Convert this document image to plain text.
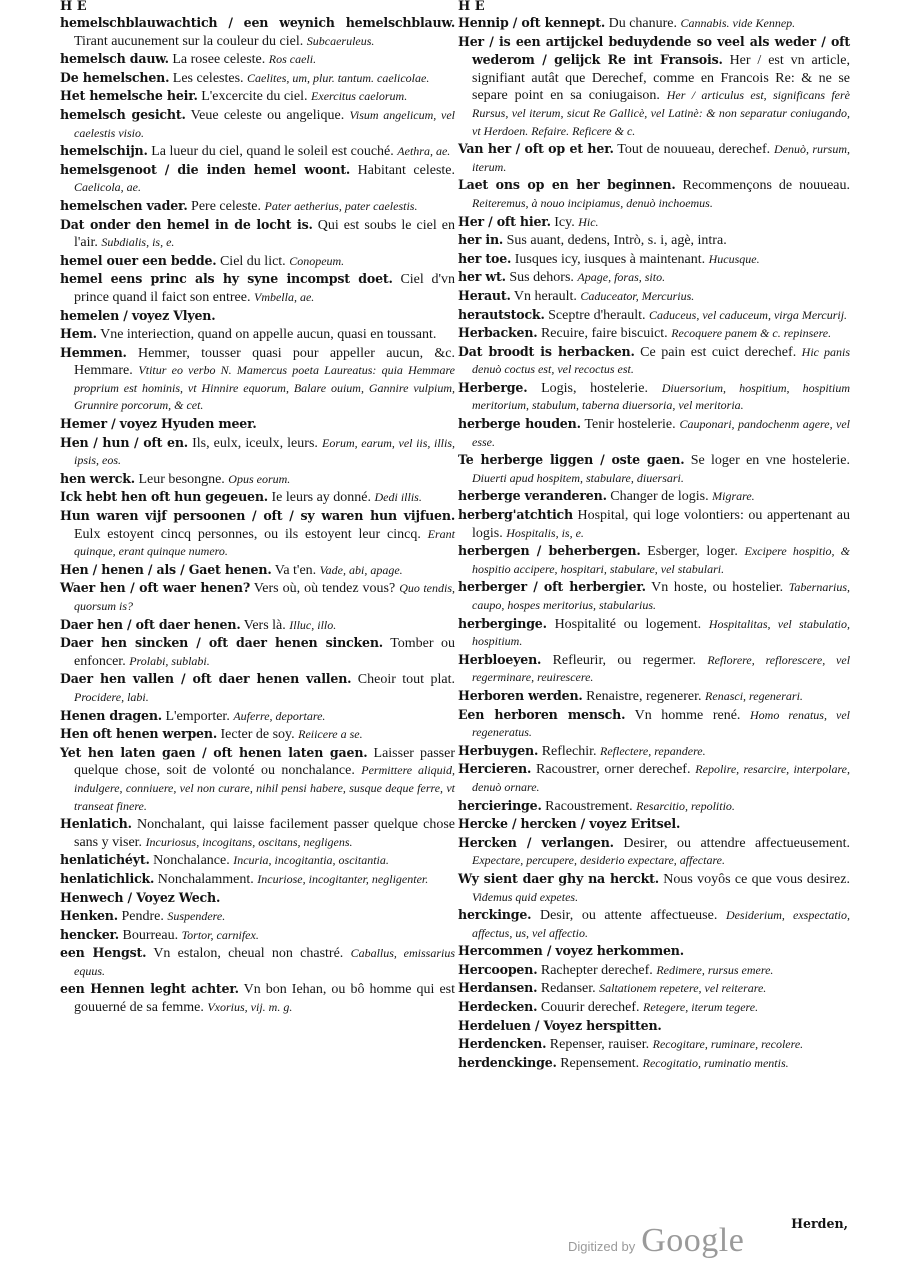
H E	H E

hemelschblauwachtich / een weynich hemelschblauw. Tirant aucunement sur la couleur du ciel. Subcaeruleus.

hemelsch dauw. La rosee celeste. Ros caeli.

De hemelschen. Les celestes. Caelites, um, plur. tantum. caelicolae.

Het hemelsche heir. L'excercite du ciel. Exercitus caelorum.

hemelsch gesicht. Veue celeste ou angelique. Visum angelicum, vel caelestis visio.

hemelschijn. La lueur du ciel, quand le soleil est couché. Aethra, ae.

hemelsgenoot / die inden hemel woont. Habitant celeste. Caelicola, ae.

hemelschen vader. Pere celeste. Pater aetherius, pater caelestis.

Dat onder den hemel in de locht is. Qui est soubs le ciel en l'air. Subdialis, is, e.

hemel ouer een bedde. Ciel du lict. Conopeum.

hemel eens princ als hy syne incompst doet. Ciel d'vn prince quand il faict son entree. Vmbella, ae.

hemelen / voyez Vlyen.

Hem. Vne interiection, quand on appelle aucun, quasi en toussant.

Hemmen. Hemmer, tousser quasi pour appeller aucun, &c. Hemmare. Vtitur eo verbo N. Mamercus poeta Laureatus: quia Hemmare proprium est hominis, vt Hinnire equorum, Balare ouium, Gannire vulpium, Grunnire porcorum, & cet.

Hemer / voyez Hyuden meer.

Hen / hun / oft en. Ils, eulx, iceulx, leurs. Eorum, earum, vel iis, illis, ipsis, eos.

hen werck. Leur besongne. Opus eorum.

Ick hebt hen oft hun gegeuen. Ie leurs ay donné. Dedi illis.

Hun waren vijf persoonen / oft / sy waren hun vijfuen. Eulx estoyent cincq personnes, ou ils estoyent leur cincq. Erant quinque, erant quinque numero.

Hen / henen / als / Gaet henen. Va t'en. Vade, abi, apage.

Waer hen / oft waer henen? Vers où, où tendez vous? Quo tendis, quorsum is?

Daer hen / oft daer henen. Vers là. Illuc, illo.

Daer hen sincken / oft daer henen sincken. Tomber ou enfoncer. Prolabi, sublabi.

Daer hen vallen / oft daer henen vallen. Cheoir tout plat. Procidere, labi.

Henen dragen. L'emporter. Auferre, deportare.

Hen oft henen werpen. Iecter de soy. Reiicere a se.

Yet hen laten gaen / oft henen laten gaen. Laisser passer quelque chose, soit de volonté ou nonchalance. Permittere aliquid, indulgere, conniuere, vel non curare, nihil pensi habere, susque deque ferre, vt transeat finere.

Henlatich. Nonchalant, qui laisse facilement passer quelque chose sans y viser. Incuriosus, incogitans, oscitans, negligens.

henlatichéyt. Nonchalance. Incuria, incogitantia, oscitantia.

henlatichlick. Nonchalamment. Incuriose, incogitanter, negligenter.

Henwech / Voyez Wech.

Henken. Pendre. Suspendere.

hencker. Bourreau. Tortor, carnifex.

een Hengst. Vn estalon, cheual non chastré. Caballus, emissarius equus.

een Hennen leght achter. Vn bon Iehan, ou bô homme qui est gouuerné de sa femme. Vxorius, vij. m. g.

Hennip / oft kennept. Du chanure. Cannabis. vide Kennep.

Her / is een artijckel beduydende so veel als weder / oft wederom / gelijck Re int Fransois. Her / est vn article, signifiant autât que Derechef, comme en Francois Re: & ne se separe point en sa coniugaison. Her / articulus est, significans ferè Rursus, vel iterum, sicut Re Gallicè, vel Latinè: & non separatur coniugando, vt Herdoen. Refaire. Reficere & c.

Van her / oft op et her. Tout de nouueau, derechef. Denuò, rursum, iterum.

Laet ons op en her beginnen. Recommençons de nouueau. Reiteremus, à nouo incipiamus, denuò inchoemus.

Her / oft hier. Icy. Hic.

her in. Sus auant, dedens, Intrò, s. i, agè, intra.

her toe. Iusques icy, iusques à maintenant. Hucusque.

her wt. Sus dehors. Apage, foras, sito.

Heraut. Vn herault. Caduceator, Mercurius.

herautstock. Sceptre d'herault. Caduceus, vel caduceum, virga Mercurij.

Herbacken. Recuire, faire biscuict. Recoquere panem & c. repinsere.

Dat broodt is herbacken. Ce pain est cuict derechef. Hic panis denuò coctus est, vel recoctus est.

Herberge. Logis, hostelerie. Diuersorium, hospitium, hospitium meritorium, stabulum, taberna diuersoria, vel meritoria.

herberge houden. Tenir hostelerie. Cauponari, pandochenm agere, vel esse.

Te herberge liggen / oste gaen. Se loger en vne hostelerie. Diuerti apud hospitem, stabulare, diuersari.

herberge veranderen. Changer de logis. Migrare.

herberg'atchtich Hospital, qui loge volontiers: ou appertenant au logis. Hospitalis, is, e.

herbergen / beherbergen. Esberger, loger. Excipere hospitio, & hospitio accipere, hospitari, stabulare, vel stabulari.

herberger / oft herbergier. Vn hoste, ou hostelier. Tabernarius, caupo, hospes meritorius, stabularius.

herberginge. Hospitalité ou logement. Hospitalitas, vel stabulatio, hospitium.

Herbloeyen. Refleurir, ou regermer. Reflorere, reflorescere, vel regerminare, reuirescere.

Herboren werden. Renaistre, regenerer. Renasci, regenerari.

Een herboren mensch. Vn homme rené. Homo renatus, vel regeneratus.

Herbuygen. Reflechir. Reflectere, repandere.

Hercieren. Racoustrer, orner derechef. Repolire, resarcire, interpolare, denuò ornare.

hercieringe. Racoustrement. Resarcitio, repolitio.

Hercke / hercken / voyez Eritsel.

Hercken / verlangen. Desirer, ou attendre affectueusement. Expectare, percupere, desiderio expectare, affectare.

Wy sient daer ghy na herckt. Nous voyôs ce que vous desirez. Videmus quid expetes.

herckinge. Desir, ou attente affectueuse. Desiderium, exspectatio, affectus, us, vel affectio.

Hercommen / voyez herkommen.

Hercoopen. Rachepter derechef. Redimere, rursus emere.

Herdansen. Redanser. Saltationem repetere, vel reiterare.

Herdecken. Couurir derechef. Retegere, iterum tegere.

Herdeluen / Voyez herspitten.

Herdencken. Repenser, rauiser. Recogitare, ruminare, recolere.

herdenckinge. Repensement. Recogitatio, ruminatio mentis.

Herden,
Digitized by Google
